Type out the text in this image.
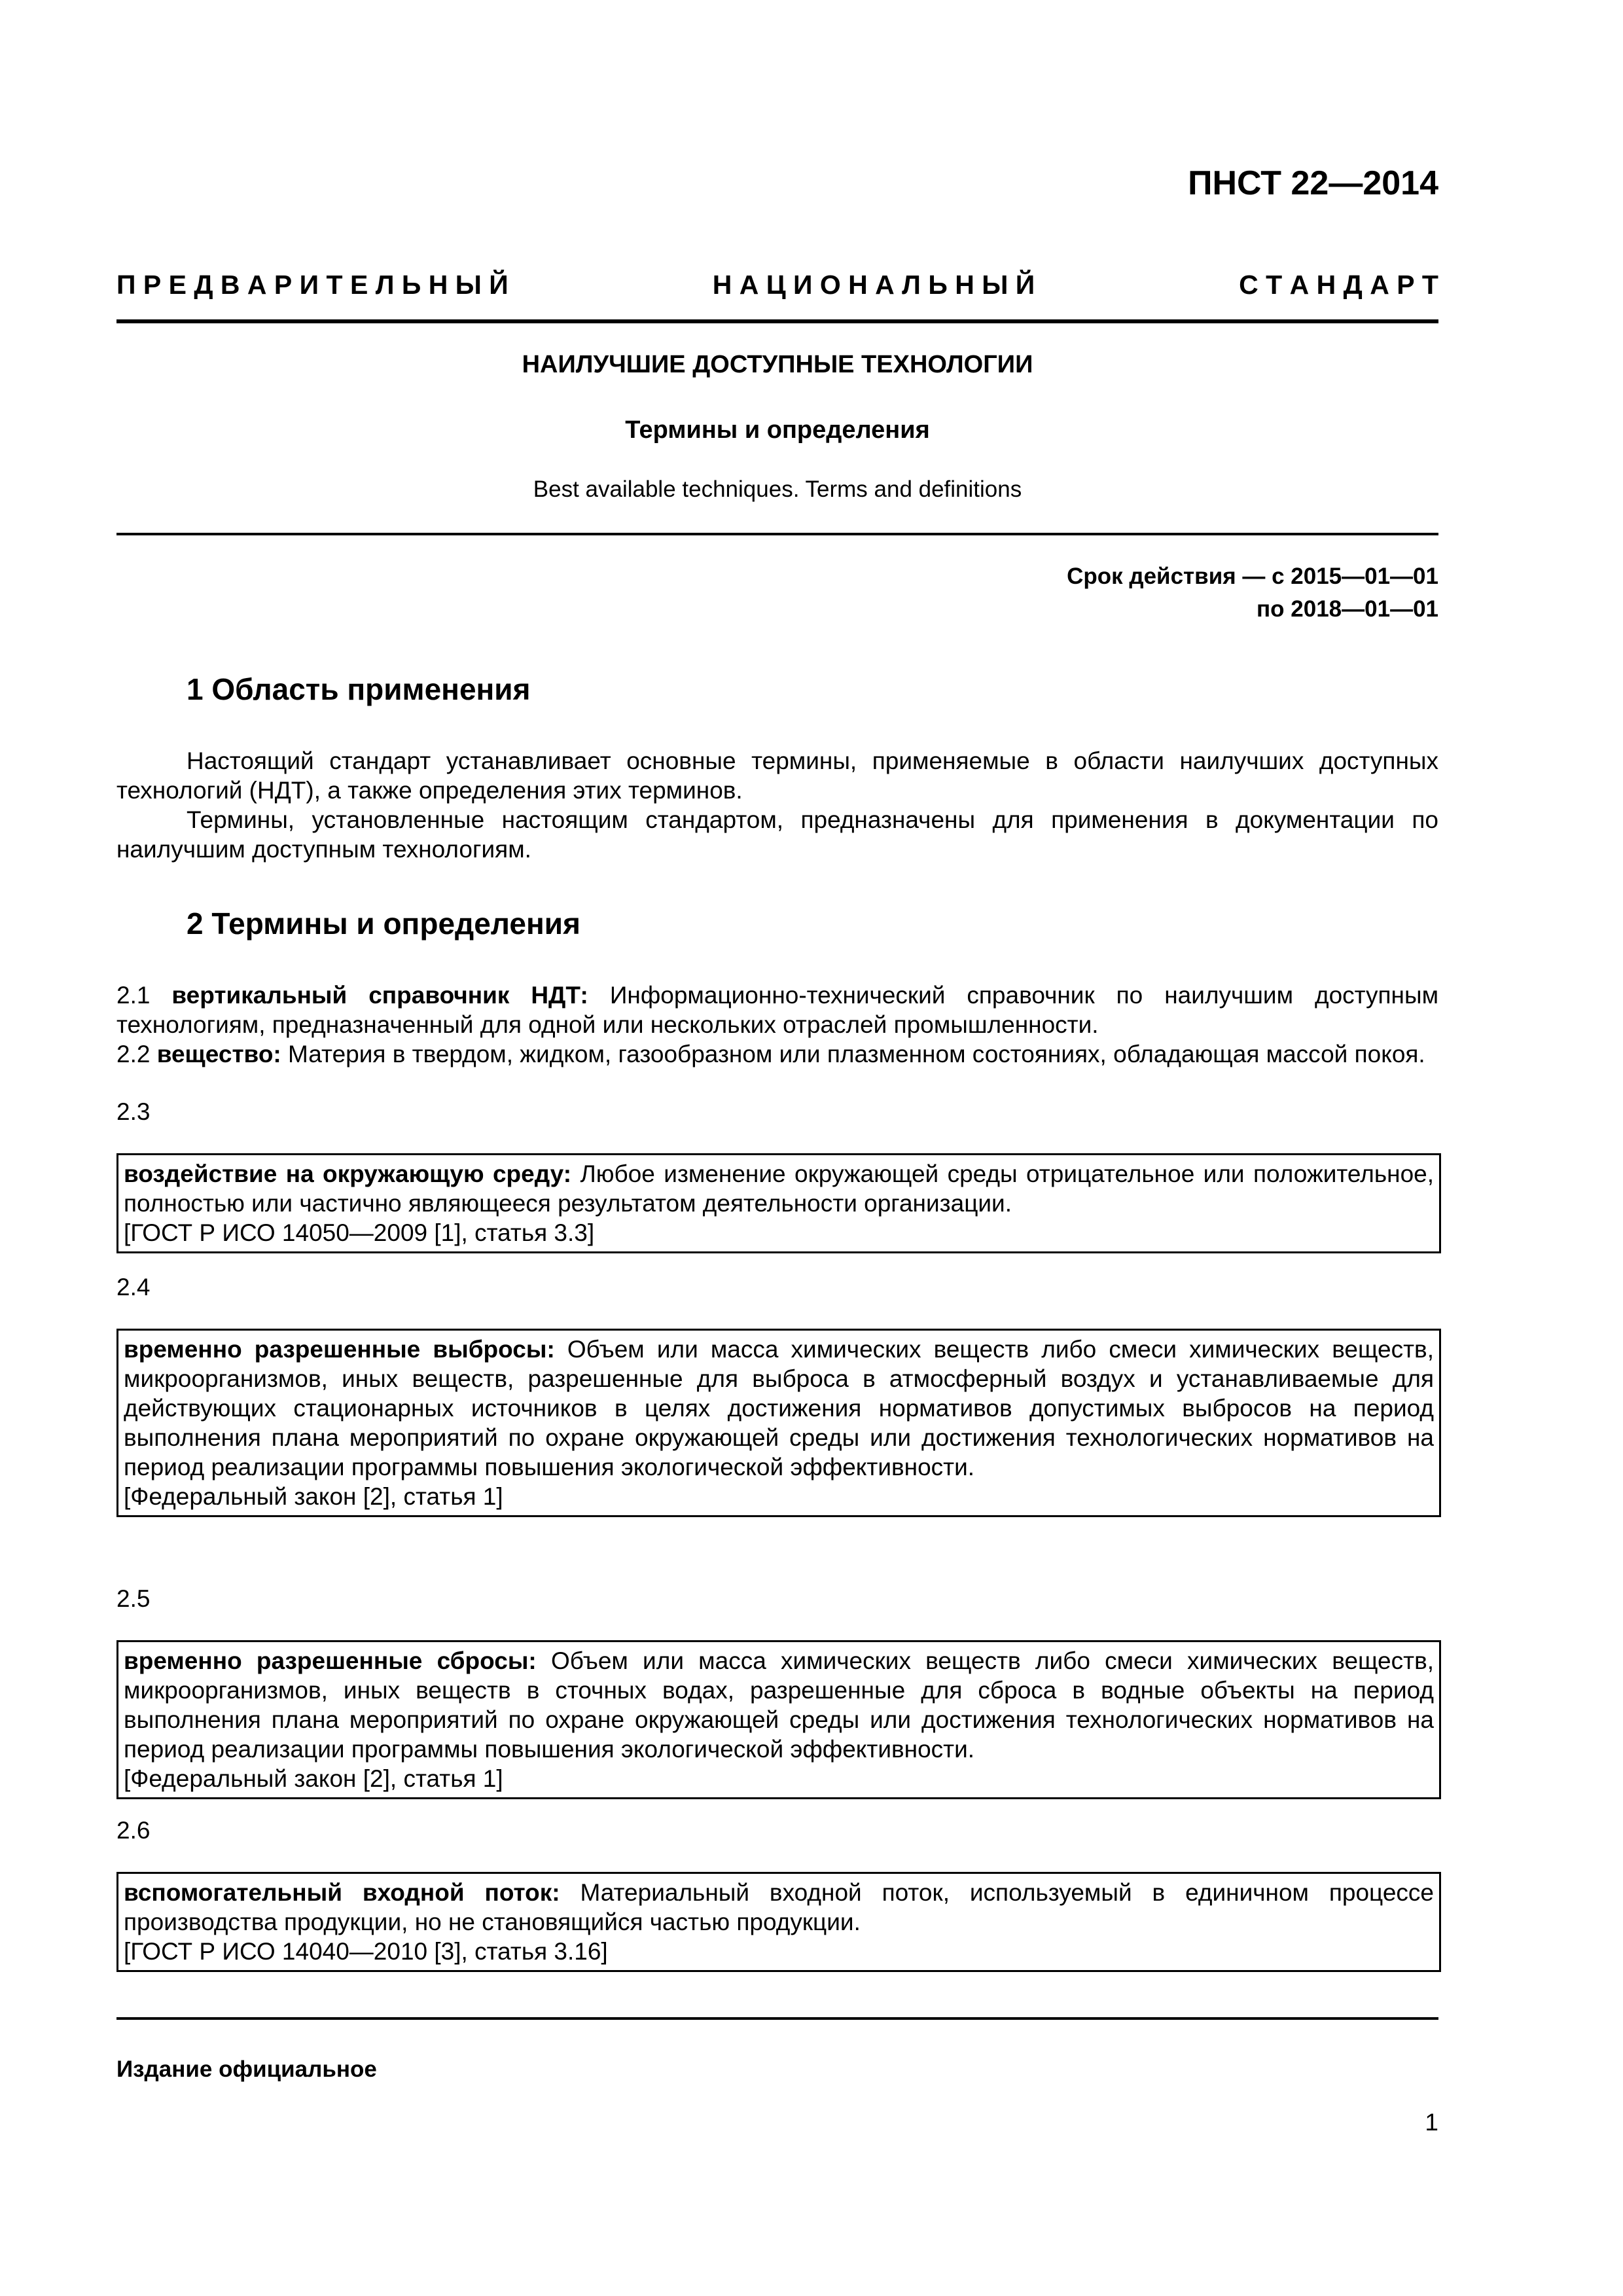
ПНСТ 22—2014
П Р Е Д В А Р И Т Е Л Ь Н Ы Й	Н А Ц И О Н А Л Ь Н Ы Й	С Т А Н Д А Р Т
НАИЛУЧШИЕ ДОСТУПНЫЕ ТЕХНОЛОГИИ
Термины и определения
Best available techniques. Terms and definitions
Срок действия — с 2015—01—01
по 2018—01—01
1 Область применения

Настоящий стандарт устанавливает основные термины, применяемые в области наилучших доступных технологий (НДТ), а также определения этих терминов.

Термины, установленные настоящим стандартом, предназначены для применения в документации по наилучшим доступным технологиям.

2 Термины и определения

2.1 вертикальный справочник НДТ: Информационно-технический справочник по наилучшим доступным технологиям, предназначенный для одной или нескольких отраслей промышленности.

2.2 вещество: Материя в твердом, жидком, газообразном или плазменном состояниях, обладающая массой покоя.

2.3
воздействие на окружающую среду: Любое изменение окружающей среды отрицательное или положительное, полностью или частично являющееся результатом деятельности организации.
[ГОСТ Р ИСО 14050—2009 [1], статья 3.3]
2.4
временно разрешенные выбросы: Объем или масса химических веществ либо смеси химических веществ, микроорганизмов, иных веществ, разрешенные для выброса в атмосферный воздух и устанавливаемые для действующих стационарных источников в целях достижения нормативов допустимых выбросов на период выполнения плана мероприятий по охране окружающей среды или достижения технологических нормативов на период реализации программы повышения экологической эффективности.
[Федеральный закон [2], статья 1]
2.5
временно разрешенные сбросы: Объем или масса химических веществ либо смеси химических веществ, микроорганизмов, иных веществ в сточных водах, разрешенные для сброса в водные объекты на период выполнения плана мероприятий по охране окружающей среды или достижения технологических нормативов на период реализации программы повышения экологической эффективности.
[Федеральный закон [2], статья 1]
2.6
вспомогательный входной поток: Материальный входной поток, используемый в единичном процессе производства продукции, но не становящийся частью продукции.
[ГОСТ Р ИСО 14040—2010 [3], статья 3.16]
Издание официальное
1
